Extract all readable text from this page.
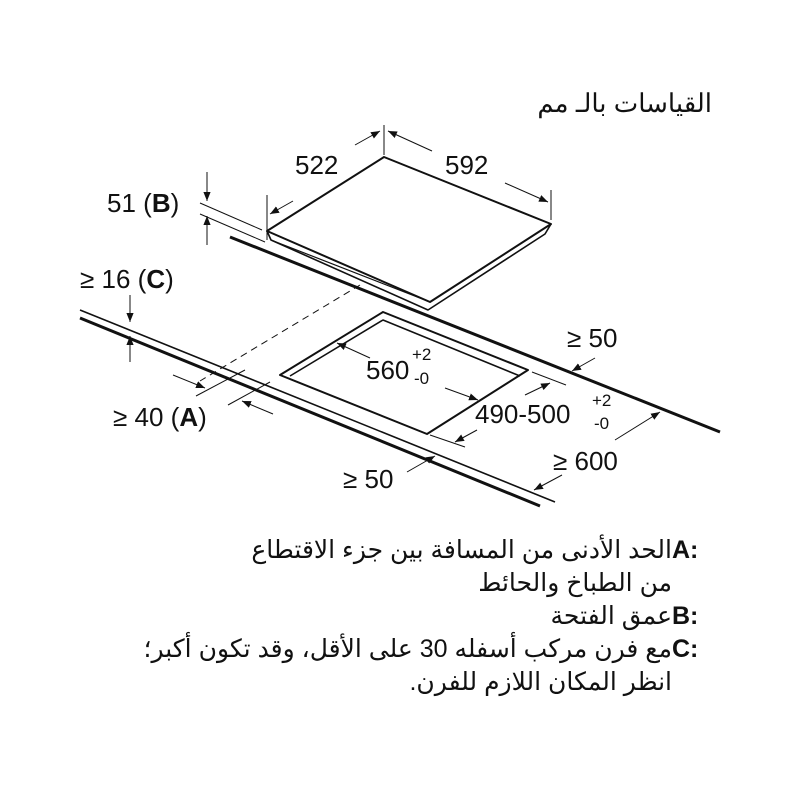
القياسات بالـ مم
522	592
51 (B)
≥ 16 (C)
≥ 40 (A)
560
+2
-0
490-500 +2
-0
≥ 50
≥ 50
≥ 600
A:
الحد الأدنى من المسافة بين جزء الاقتطاع
من الطباخ والحائط
B:
عمق الفتحة
C:
مع فرن مركب أسفله 30 على الأقل، وقد تكون أكبر؛
انظر المكان اللازم للفرن.
